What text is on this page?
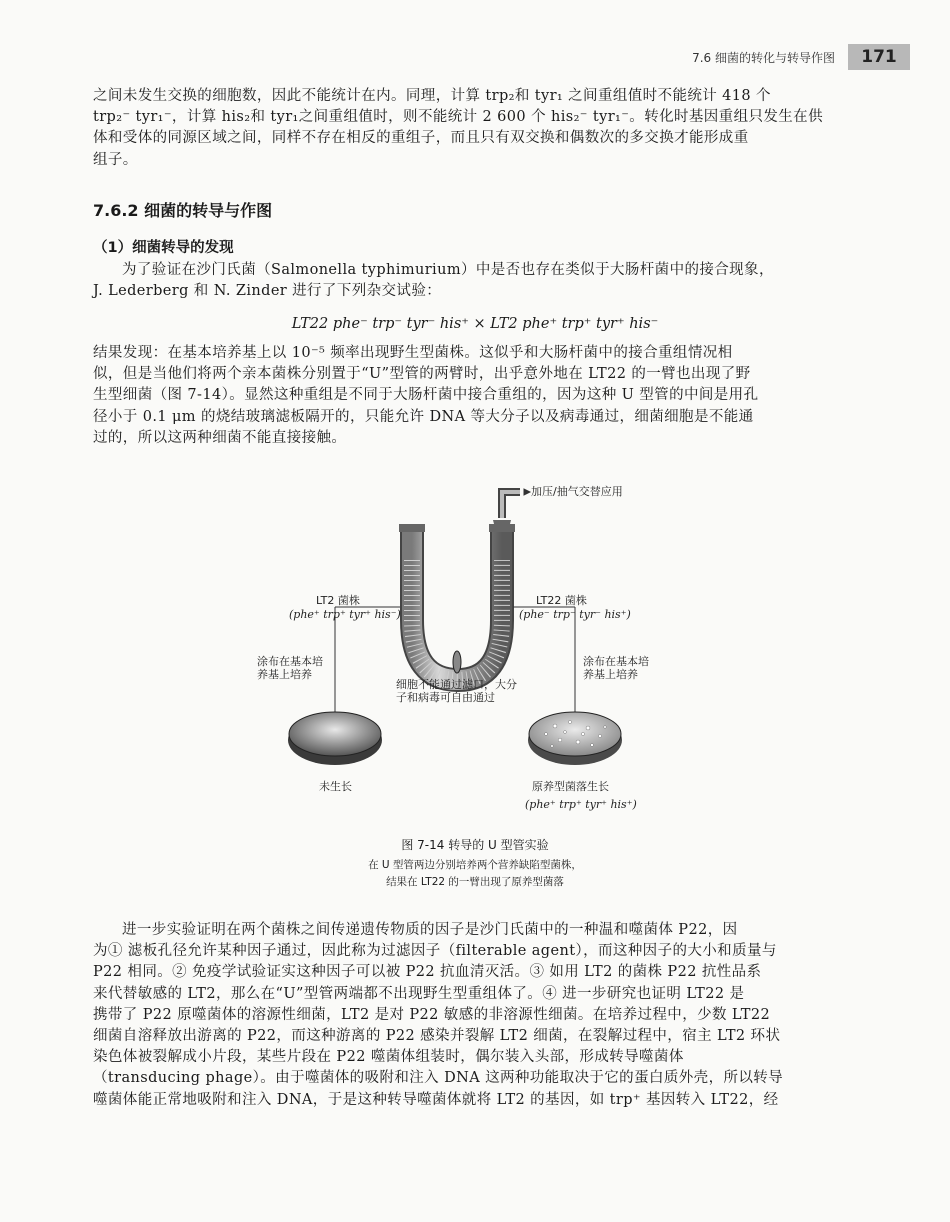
7.6 细菌的转化与转导作图	171
之间未发生交换的细胞数，因此不能统计在内。同理，计算 trp₂和 tyr₁ 之间重组值时不能统计 418 个
trp₂⁻ tyr₁⁻，计算 his₂和 tyr₁之间重组值时，则不能统计 2 600 个 his₂⁻ tyr₁⁻。转化时基因重组只发生在供
体和受体的同源区域之间，同样不存在相反的重组子，而且只有双交换和偶数次的多交换才能形成重
组子。
7.6.2 细菌的转导与作图
（1）细菌转导的发现
为了验证在沙门氏菌（Salmonella typhimurium）中是否也存在类似于大肠杆菌中的接合现象，
J. Lederberg 和 N. Zinder 进行了下列杂交试验：
LT22 phe⁻ trp⁻ tyr⁻ his⁺ × LT2 phe⁺ trp⁺ tyr⁺ his⁻
结果发现：在基本培养基上以 10⁻⁵ 频率出现野生型菌株。这似乎和大肠杆菌中的接合重组情况相
似，但是当他们将两个亲本菌株分别置于“U”型管的两臂时，出乎意外地在 LT22 的一臂也出现了野
生型细菌（图 7-14）。显然这种重组是不同于大肠杆菌中接合重组的，因为这种 U 型管的中间是用孔
径小于 0.1 μm 的烧结玻璃滤板隔开的，只能允许 DNA 等大分子以及病毒通过，细菌细胞是不能通
过的，所以这两种细菌不能直接接触。
加压/抽气交替应用
LT2 菌株
(phe⁺ trp⁺ tyr⁺ his⁻)
LT22 菌株
(phe⁻ trp⁻ tyr⁻ his⁺)
涂布在基本培
养基上培养
涂布在基本培
养基上培养
细胞不能通过滤口，大分
子和病毒可自由通过
未生长	原养型菌落生长
(phe⁺ trp⁺ tyr⁺ his⁺)
图 7-14 转导的 U 型管实验
在 U 型管两边分别培养两个营养缺陷型菌株，
结果在 LT22 的一臂出现了原养型菌落
进一步实验证明在两个菌株之间传递遗传物质的因子是沙门氏菌中的一种温和噬菌体 P22，因
为① 滤板孔径允许某种因子通过，因此称为过滤因子（filterable agent），而这种因子的大小和质量与
P22 相同。② 免疫学试验证实这种因子可以被 P22 抗血清灭活。③ 如用 LT2 的菌株 P22 抗性品系
来代替敏感的 LT2，那么在“U”型管两端都不出现野生型重组体了。④ 进一步研究也证明 LT22 是
携带了 P22 原噬菌体的溶源性细菌，LT2 是对 P22 敏感的非溶源性细菌。在培养过程中，少数 LT22
细菌自溶释放出游离的 P22，而这种游离的 P22 感染并裂解 LT2 细菌，在裂解过程中，宿主 LT2 环状
染色体被裂解成小片段，某些片段在 P22 噬菌体组装时，偶尔装入头部，形成转导噬菌体
（transducing phage）。由于噬菌体的吸附和注入 DNA 这两种功能取决于它的蛋白质外壳，所以转导
噬菌体能正常地吸附和注入 DNA，于是这种转导噬菌体就将 LT2 的基因，如 trp⁺ 基因转入 LT22，经
